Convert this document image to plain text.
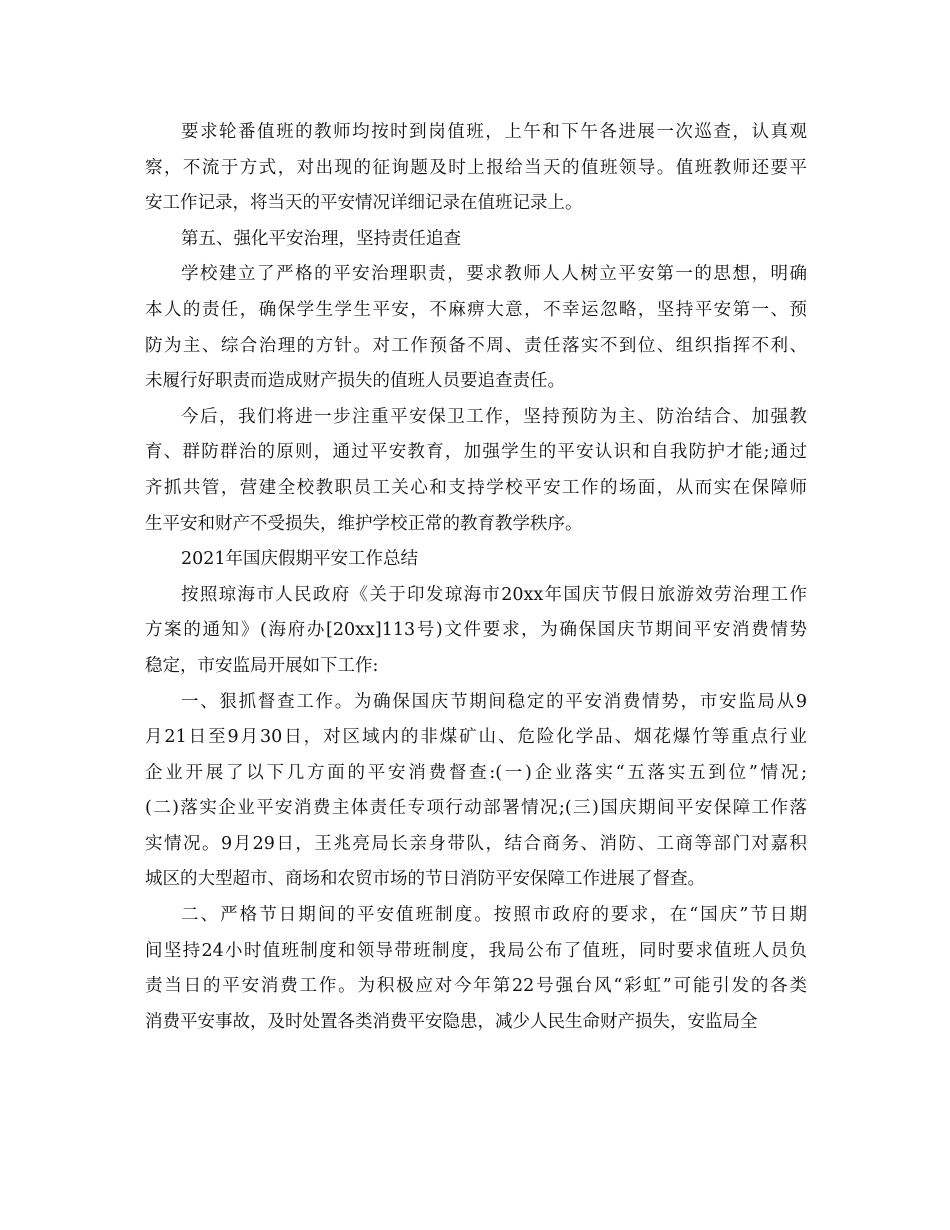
要求轮番值班的教师均按时到岗值班，上午和下午各进展一次巡查，认真观
察，不流于方式，对出现的征询题及时上报给当天的值班领导。值班教师还要平
安工作记录，将当天的平安情况详细记录在值班记录上。
第五、强化平安治理，坚持责任追查
学校建立了严格的平安治理职责，要求教师人人树立平安第一的思想，明确
本人的责任，确保学生学生平安，不麻痹大意，不幸运忽略，坚持平安第一、预
防为主、综合治理的方针。对工作预备不周、责任落实不到位、组织指挥不利、
未履行好职责而造成财产损失的值班人员要追查责任。
今后，我们将进一步注重平安保卫工作，坚持预防为主、防治结合、加强教
育、群防群治的原则，通过平安教育，加强学生的平安认识和自我防护才能;通过
齐抓共管，营建全校教职员工关心和支持学校平安工作的场面，从而实在保障师
生平安和财产不受损失，维护学校正常的教育教学秩序。
2021年国庆假期平安工作总结
按照琼海市人民政府《关于印发琼海市20xx年国庆节假日旅游效劳治理工作
方案的通知》(海府办[20xx]113号)文件要求，为确保国庆节期间平安消费情势
稳定，市安监局开展如下工作:
一、狠抓督查工作。为确保国庆节期间稳定的平安消费情势，市安监局从9
月21日至9月30日，对区域内的非煤矿山、危险化学品、烟花爆竹等重点行业
企业开展了以下几方面的平安消费督查:(一)企业落实“五落实五到位”情况;
(二)落实企业平安消费主体责任专项行动部署情况;(三)国庆期间平安保障工作落
实情况。9月29日，王兆亮局长亲身带队，结合商务、消防、工商等部门对嘉积
城区的大型超市、商场和农贸市场的节日消防平安保障工作进展了督查。
二、严格节日期间的平安值班制度。按照市政府的要求，在“国庆”节日期
间坚持24小时值班制度和领导带班制度，我局公布了值班，同时要求值班人员负
责当日的平安消费工作。为积极应对今年第22号强台风“彩虹”可能引发的各类
消费平安事故，及时处置各类消费平安隐患，减少人民生命财产损失，安监局全
